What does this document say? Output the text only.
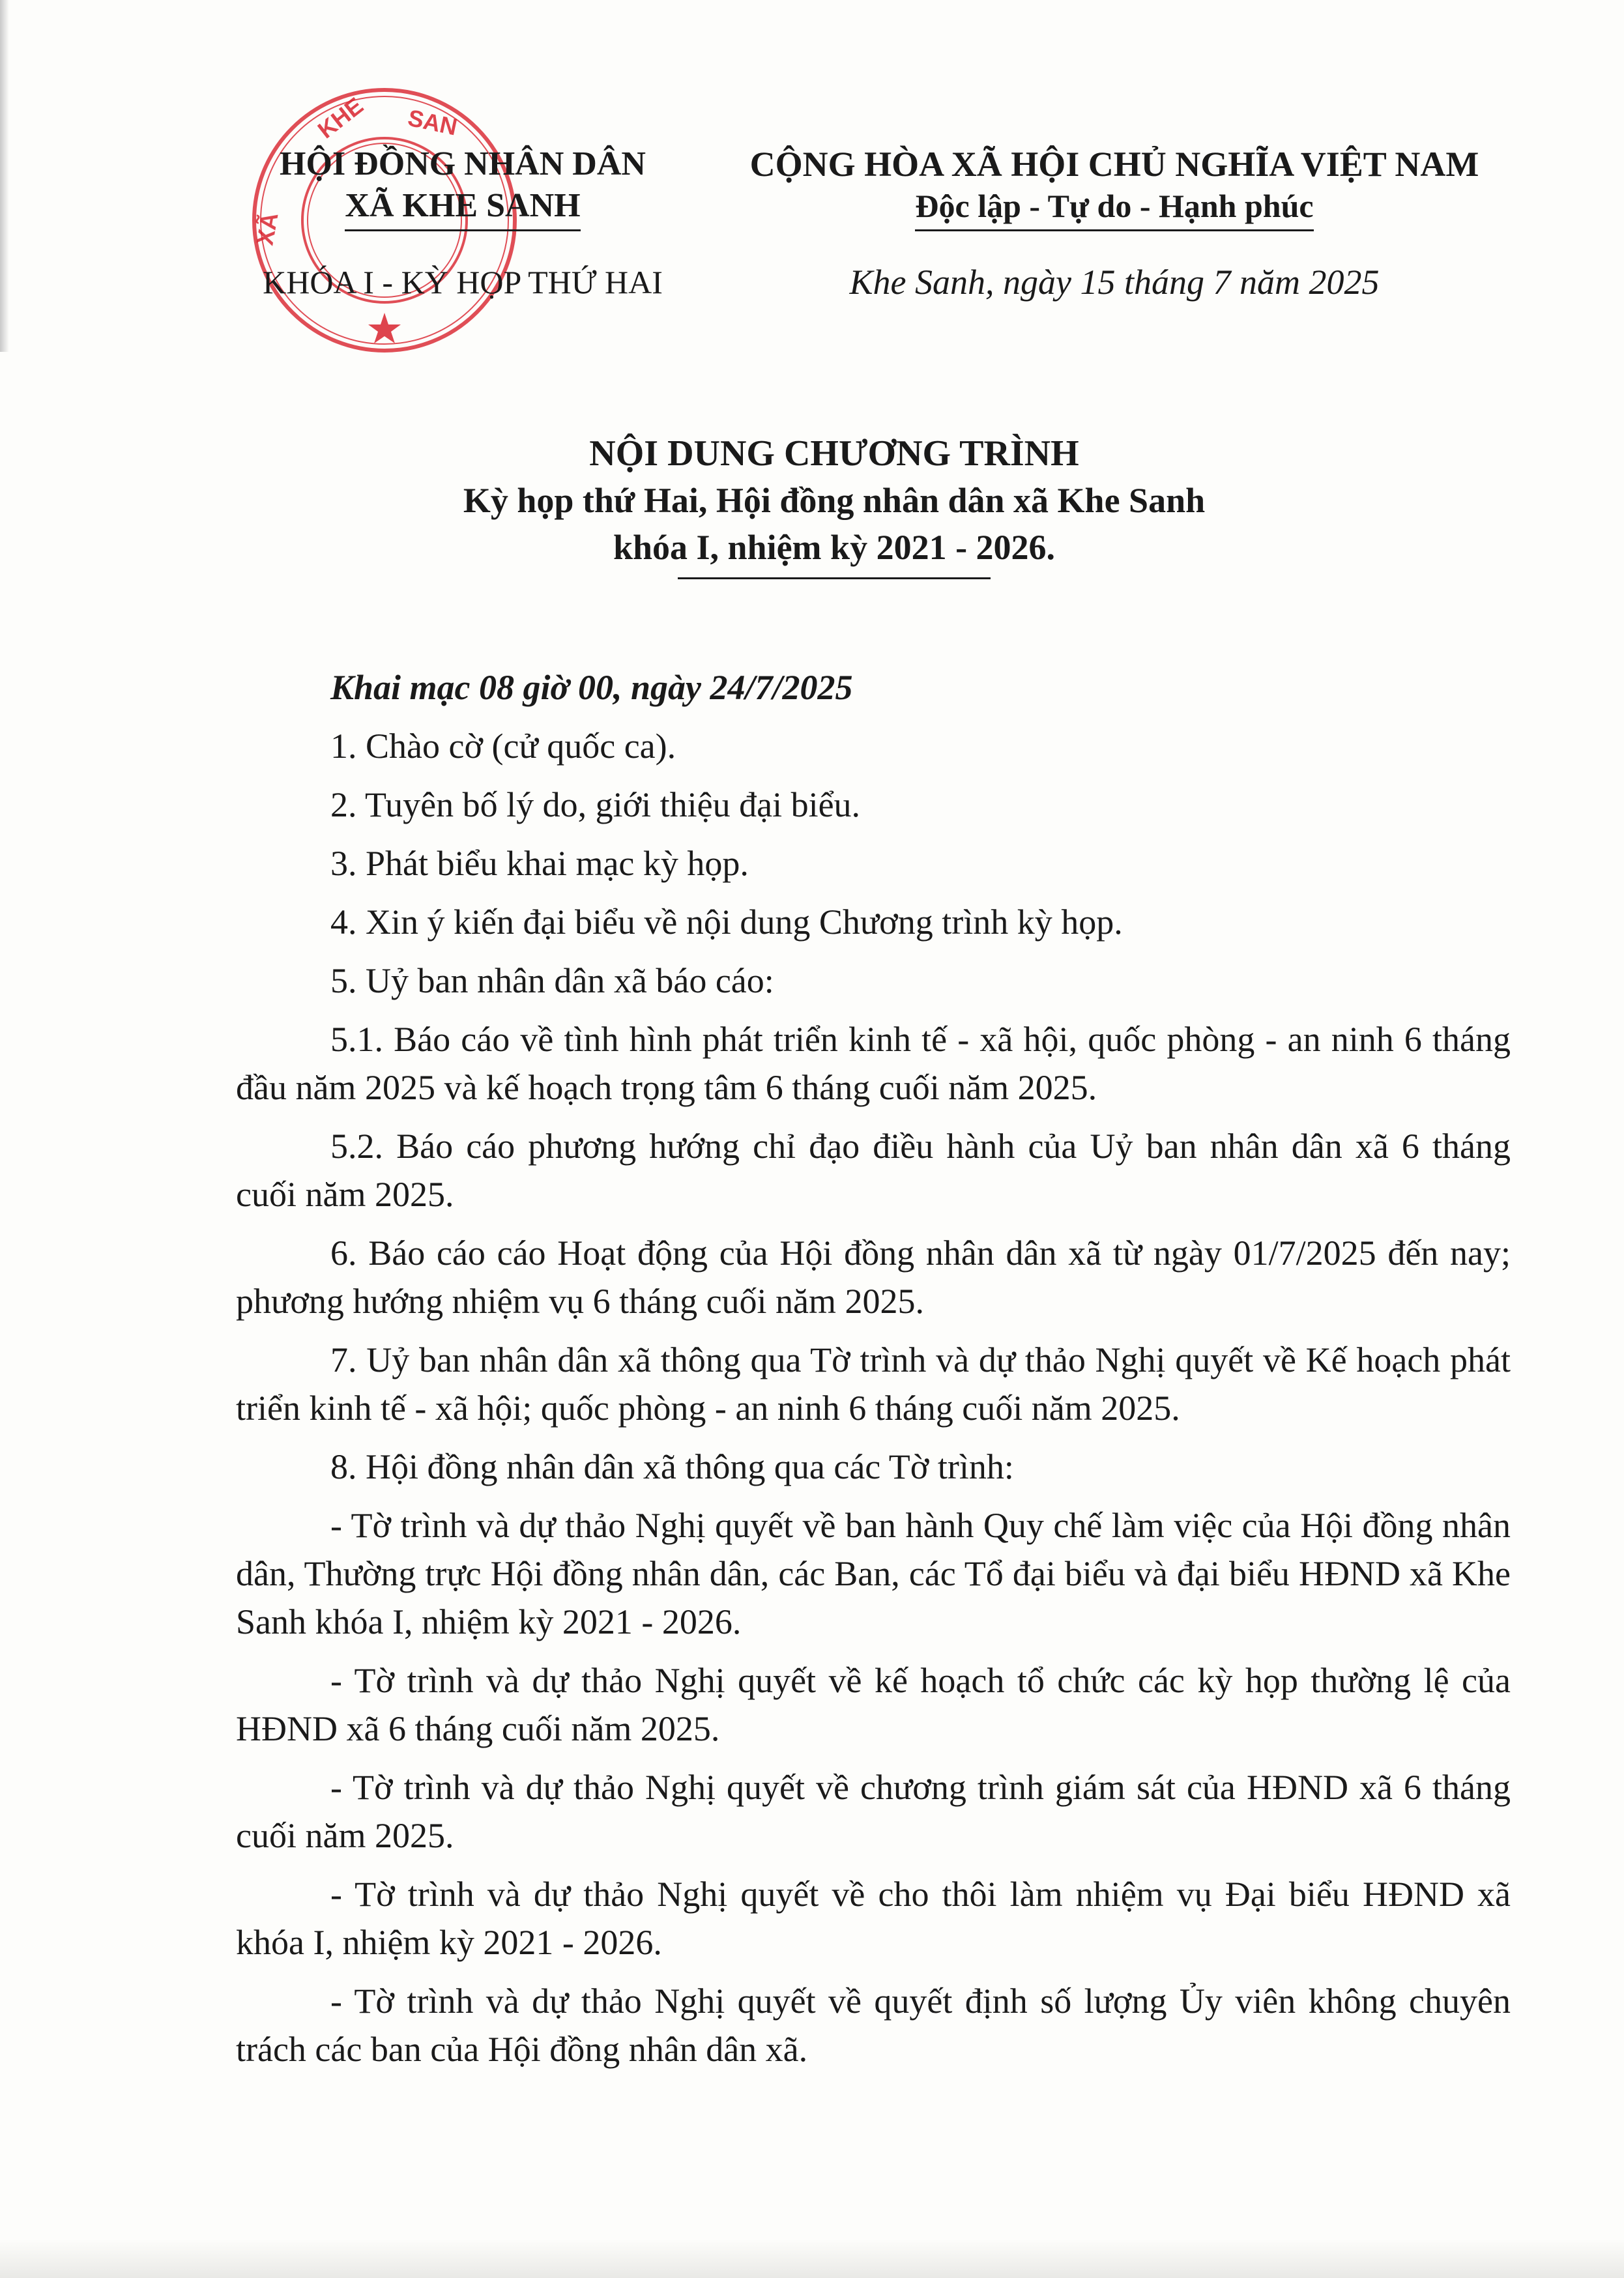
SAN
KHE
XÃ
HỘI ĐỒNG NHÂN DÂN
XÃ KHE SANH
KHÓA I - KỲ HỌP THỨ HAI
CỘNG HÒA XÃ HỘI CHỦ NGHĨA VIỆT NAM
Độc lập - Tự do - Hạnh phúc
Khe Sanh, ngày 15 tháng 7 năm 2025
NỘI DUNG CHƯƠNG TRÌNH
Kỳ họp thứ Hai, Hội đồng nhân dân xã Khe Sanh
khóa I, nhiệm kỳ 2021 - 2026.

Khai mạc 08 giờ 00, ngày 24/7/2025

1. Chào cờ (cử quốc ca).

2. Tuyên bố lý do, giới thiệu đại biểu.

3. Phát biểu khai mạc kỳ họp.

4. Xin ý kiến đại biểu về nội dung Chương trình kỳ họp.

5. Uỷ ban nhân dân xã báo cáo:

5.1. Báo cáo về tình hình phát triển kinh tế - xã hội, quốc phòng - an ninh 6 tháng đầu năm 2025 và kế hoạch trọng tâm 6 tháng cuối năm 2025.

5.2. Báo cáo phương hướng chỉ đạo điều hành của Uỷ ban nhân dân xã 6 tháng cuối năm 2025.

6. Báo cáo cáo Hoạt động của Hội đồng nhân dân xã từ ngày 01/7/2025 đến nay; phương hướng nhiệm vụ 6 tháng cuối năm 2025.

7. Uỷ ban nhân dân xã thông qua Tờ trình và dự thảo Nghị quyết về Kế hoạch phát triển kinh tế - xã hội; quốc phòng - an ninh 6 tháng cuối năm 2025.

8. Hội đồng nhân dân xã thông qua các Tờ trình:

- Tờ trình và dự thảo Nghị quyết về ban hành Quy chế làm việc của Hội đồng nhân dân, Thường trực Hội đồng nhân dân, các Ban, các Tổ đại biểu và đại biểu HĐND xã Khe Sanh khóa I, nhiệm kỳ 2021 - 2026.

- Tờ trình và dự thảo Nghị quyết về kế hoạch tổ chức các kỳ họp thường lệ của HĐND xã 6 tháng cuối năm 2025.

- Tờ trình và dự thảo Nghị quyết về chương trình giám sát của HĐND xã 6 tháng cuối năm 2025.

- Tờ trình và dự thảo Nghị quyết về cho thôi làm nhiệm vụ Đại biểu HĐND xã khóa I, nhiệm kỳ 2021 - 2026.

- Tờ trình và dự thảo Nghị quyết về quyết định số lượng Ủy viên không chuyên trách các ban của Hội đồng nhân dân xã.
